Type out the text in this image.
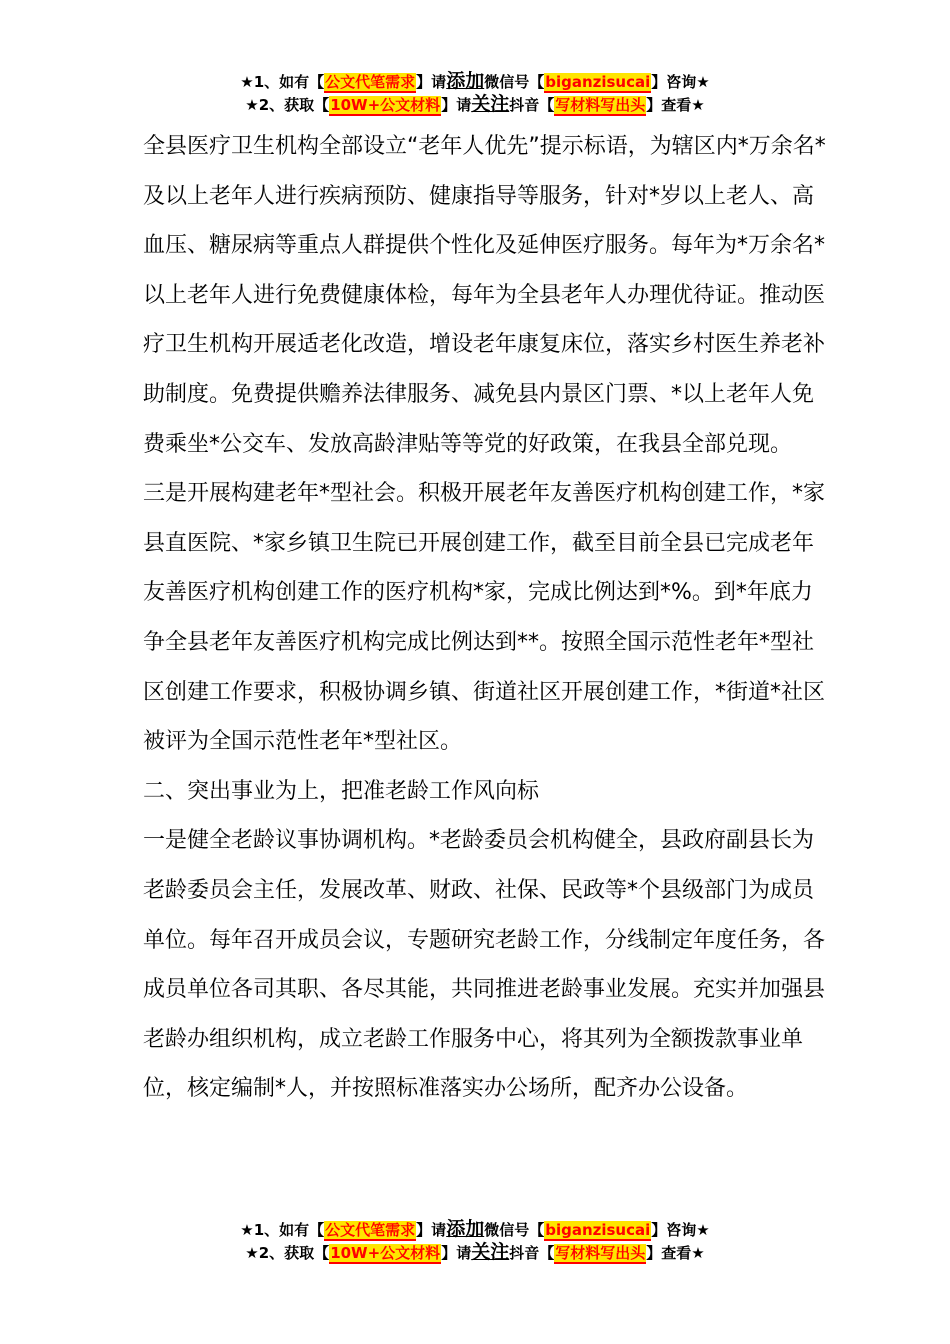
★1、如有【公文代笔需求】请添加微信号【biganzisucai】咨询★
★2、获取【10W+公文材料】请关注抖音【写材料写出头】查看★

全县医疗卫生机构全部设立“老年人优先”提示标语，为辖区内*万余名*及以上老年人进行疾病预防、健康指导等服务，针对*岁以上老人、高血压、糖尿病等重点人群提供个性化及延伸医疗服务。每年为*万余名*以上老年人进行免费健康体检，每年为全县老年人办理优待证。推动医疗卫生机构开展适老化改造，增设老年康复床位，落实乡村医生养老补助制度。免费提供赡养法律服务、减免县内景区门票、*以上老年人免费乘坐*公交车、发放高龄津贴等等党的好政策，在我县全部兑现。

三是开展构建老年*型社会。积极开展老年友善医疗机构创建工作，*家县直医院、*家乡镇卫生院已开展创建工作，截至目前全县已完成老年友善医疗机构创建工作的医疗机构*家，完成比例达到*%。到*年底力争全县老年友善医疗机构完成比例达到**。按照全国示范性老年*型社区创建工作要求，积极协调乡镇、街道社区开展创建工作，*街道*社区被评为全国示范性老年*型社区。

二、突出事业为上，把准老龄工作风向标

一是健全老龄议事协调机构。*老龄委员会机构健全，县政府副县长为老龄委员会主任，发展改革、财政、社保、民政等*个县级部门为成员单位。每年召开成员会议，专题研究老龄工作，分线制定年度任务，各成员单位各司其职、各尽其能，共同推进老龄事业发展。充实并加强县老龄办组织机构，成立老龄工作服务中心，将其列为全额拨款事业单位，核定编制*人，并按照标准落实办公场所，配齐办公设备。

★1、如有【公文代笔需求】请添加微信号【biganzisucai】咨询★
★2、获取【10W+公文材料】请关注抖音【写材料写出头】查看★
